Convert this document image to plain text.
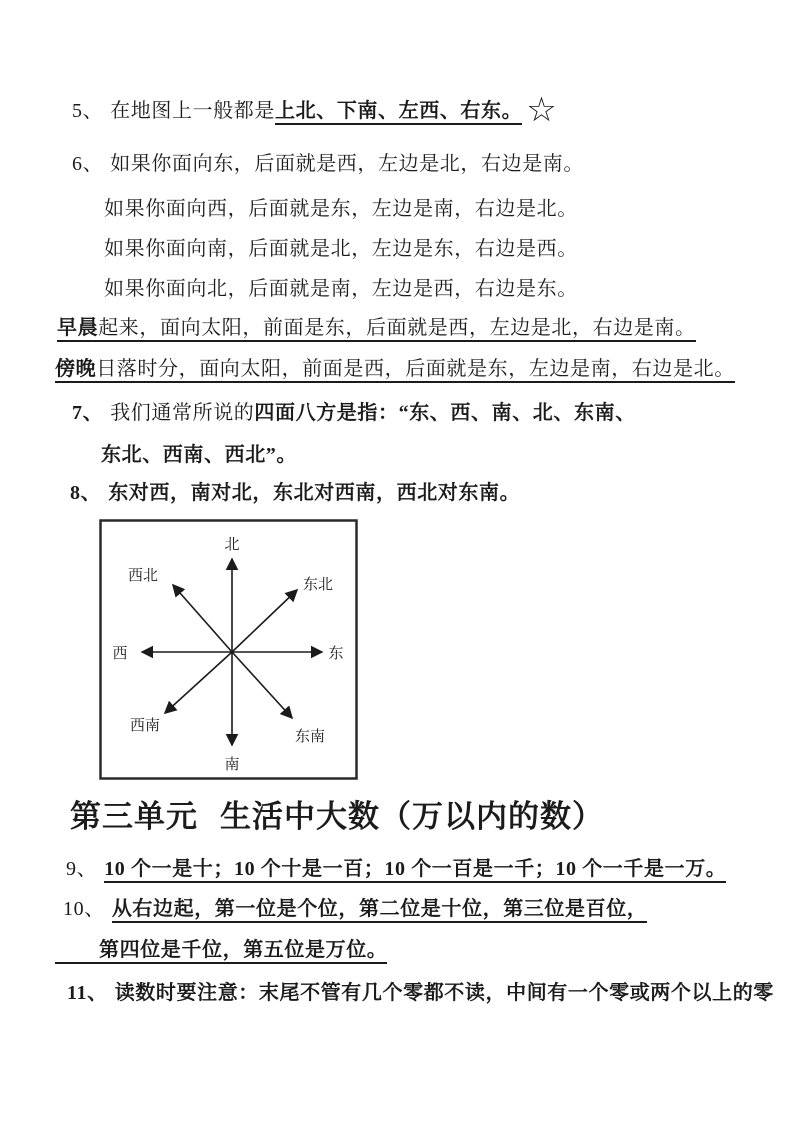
5、 在地图上一般都是上北、下南、左西、右东。 ☆
6、 如果你面向东，后面就是西，左边是北，右边是南。
如果你面向西，后面就是东，左边是南，右边是北。
如果你面向南，后面就是北，左边是东，右边是西。
如果你面向北，后面就是南，左边是西，右边是东。
早晨起来，面向太阳，前面是东，后面就是西，左边是北，右边是南。
傍晚日落时分，面向太阳，前面是西，后面就是东，左边是南，右边是北。
7、 我们通常所说的四面八方是指：“东、西、南、北、东南、
东北、西南、西北”。
8、 东对西，南对北，东北对西南，西北对东南。
北
南
西	东
东北
西北
西南
东南
第三单元 生活中大数（万以内的数）
9、 10 个一是十；10 个十是一百；10 个一百是一千；10 个一千是一万。
10、 从右边起，第一位是个位，第二位是十位，第三位是百位，
第四位是千位，第五位是万位。
11、 读数时要注意：末尾不管有几个零都不读，中间有一个零或两个以上的零
